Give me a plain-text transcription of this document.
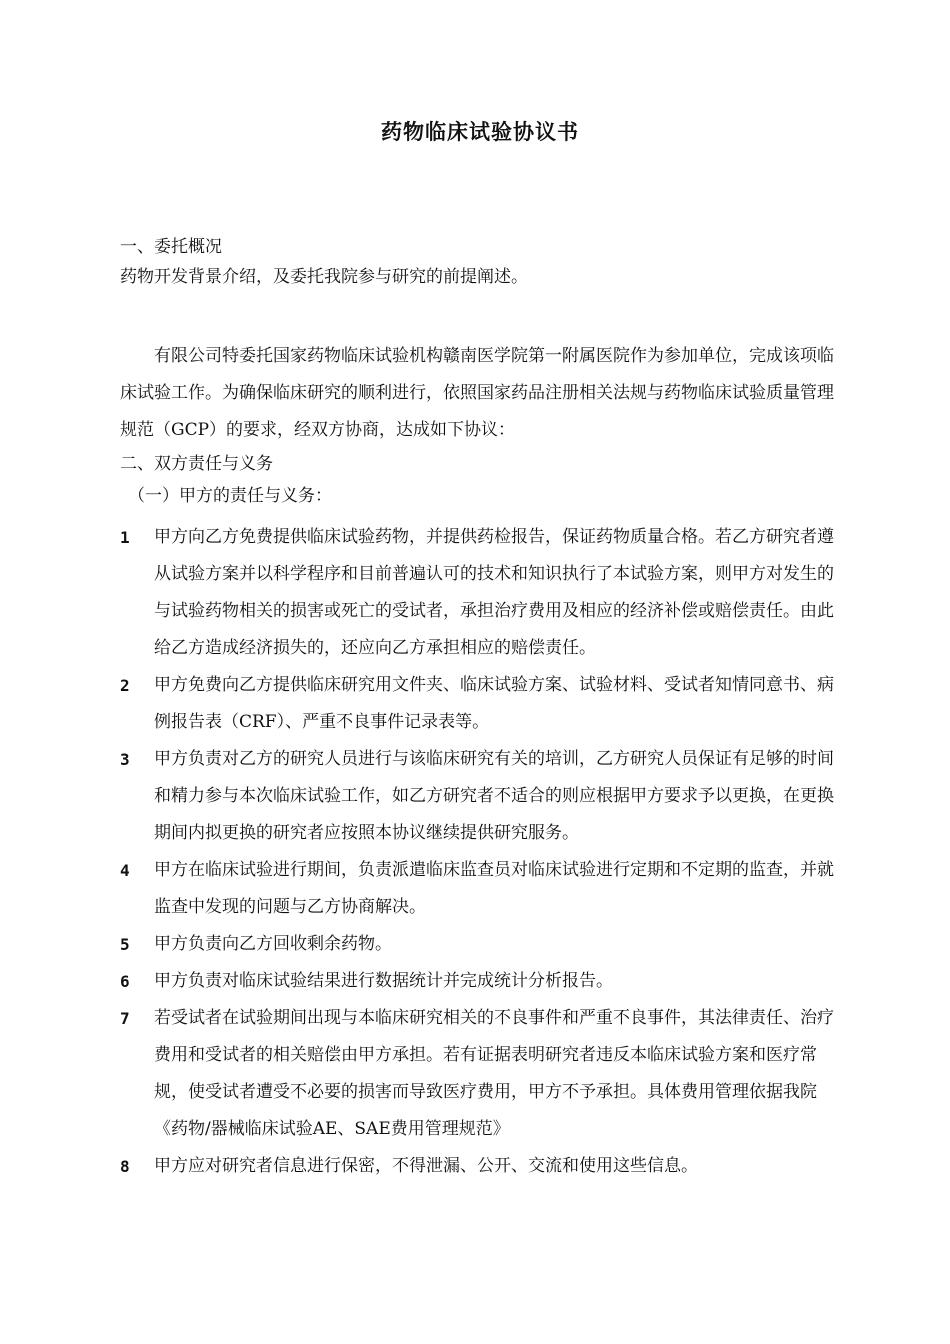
药物临床试验协议书

一、委托概况

药物开发背景介绍，及委托我院参与研究的前提阐述。

有限公司特委托国家药物临床试验机构赣南医学院第一附属医院作为参加单位，完成该项临床试验工作。为确保临床研究的顺利进行，依照国家药品注册相关法规与药物临床试验质量管理规范（GCP）的要求，经双方协商，达成如下协议：

二、双方责任与义务

（一）甲方的责任与义务：

1	甲方向乙方免费提供临床试验药物，并提供药检报告，保证药物质量合格。若乙方研究者遵从试验方案并以科学程序和目前普遍认可的技术和知识执行了本试验方案，则甲方对发生的与试验药物相关的损害或死亡的受试者，承担治疗费用及相应的经济补偿或赔偿责任。由此给乙方造成经济损失的，还应向乙方承担相应的赔偿责任。
2	甲方免费向乙方提供临床研究用文件夹、临床试验方案、试验材料、受试者知情同意书、病例报告表（CRF）、严重不良事件记录表等。
3	甲方负责对乙方的研究人员进行与该临床研究有关的培训，乙方研究人员保证有足够的时间和精力参与本次临床试验工作，如乙方研究者不适合的则应根据甲方要求予以更换，在更换期间内拟更换的研究者应按照本协议继续提供研究服务。
4	甲方在临床试验进行期间，负责派遣临床监查员对临床试验进行定期和不定期的监查，并就监查中发现的问题与乙方协商解决。
5	甲方负责向乙方回收剩余药物。
6	甲方负责对临床试验结果进行数据统计并完成统计分析报告。
7	若受试者在试验期间出现与本临床研究相关的不良事件和严重不良事件，其法律责任、治疗费用和受试者的相关赔偿由甲方承担。若有证据表明研究者违反本临床试验方案和医疗常规，使受试者遭受不必要的损害而导致医疗费用，甲方不予承担。具体费用管理依据我院《药物/器械临床试验AE、SAE费用管理规范》
8	甲方应对研究者信息进行保密，不得泄漏、公开、交流和使用这些信息。
